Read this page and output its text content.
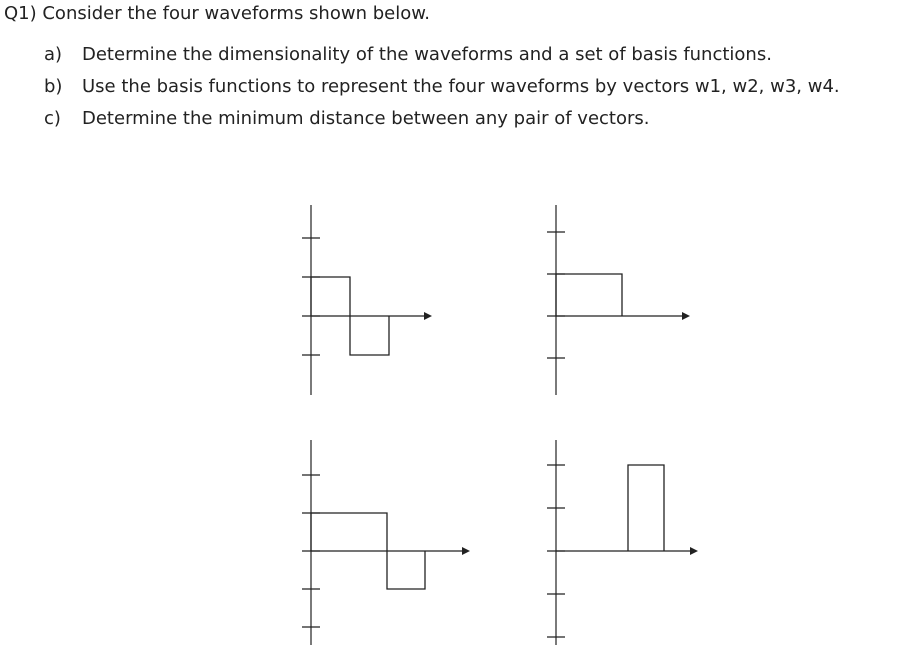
Q1) Consider the four waveforms shown below.
a) Determine the dimensionality of the waveforms and a set of basis functions.
b) Use the basis functions to represent the four waveforms by vectors w1, w2, w3, w4.
c) Determine the minimum distance between any pair of vectors.
